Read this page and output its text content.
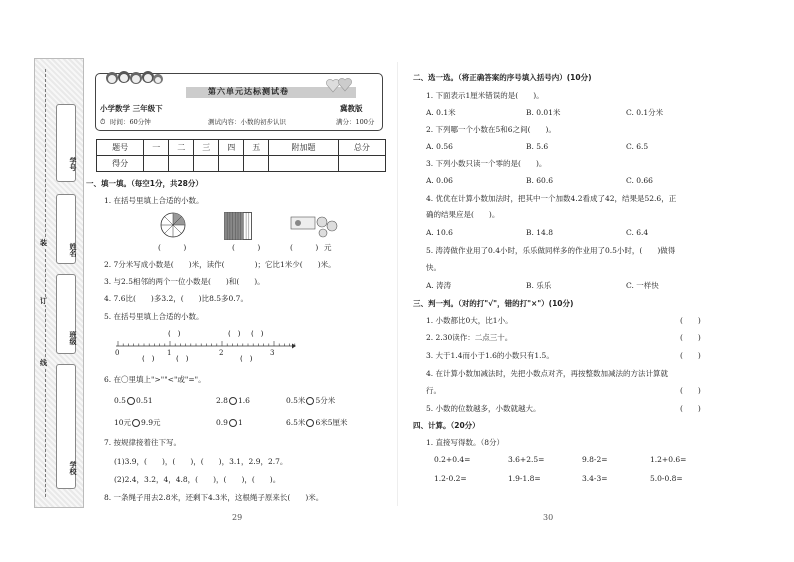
装
订
线
学号
姓名
班级
学校
第六单元达标测试卷
冀教版
小学数学 三年级下
⏱ 时间：60分钟	测试内容：小数的初步认识	满分：100分
题号	一	二	三	四	五	附加题	总分
得分							
一、填一填。（每空1分，共28分）
1. 在括号里填上合适的小数。
(　　　)	(　　　)	(　　　) 元
2. 7分米写成小数是(　　)米，读作(　　　　)；它比1米少(　　)米。
3. 与2.5相邻的两个一位小数是(　　)和(　　)。
4. 7.6比(　　)多3.2，(　　)比8.5多0.7。
5. 在括号里填上合适的小数。
(　)	(　) (　)
(　)	(　)	(　)
0	1	2	3
6. 在〇里填上">""<"或"="。
0.5 0.51	2.8 1.6	0.5米 5分米
10元 9.9元	0.9 1	6.5米 6米5厘米
7. 按规律接着往下写。
(1)3.9，(　　)，(　　)，(　　)，3.1，2.9，2.7。
(2)2.4，3.2，4，4.8，(　　)，(　　)，(　　)。
8. 一条绳子用去2.8米，还剩下4.3米，这根绳子原来长(　　)米。
29
二、选一选。（将正确答案的序号填入括号内）(10分)
1. 下面表示1厘米错误的是(　　)。
A. 0.1米	B. 0.01米	C. 0.1分米
2. 下列哪一个小数在5和6之间(　　)。
A. 0.56	B. 5.6	C. 6.5
3. 下列小数只读一个零的是(　　)。
A. 0.06	B. 60.6	C. 0.66
4. 优优在计算小数加法时，把其中一个加数4.2看成了42，结果是52.6，正
确的结果应是(　　)。
A. 10.6	B. 14.8	C. 6.4
5. 涛涛做作业用了0.4小时，乐乐做同样多的作业用了0.5小时，(　　)做得
快。
A. 涛涛	B. 乐乐	C. 一样快
三、判一判。（对的打"√"，错的打"×"）(10分)
1. 小数都比0大，比1小。	(　　)
2. 2.30读作：二点三十。	(　　)
3. 大于1.4而小于1.6的小数只有1.5。	(　　)
4. 在计算小数加减法时，先把小数点对齐，再按整数加减法的方法计算就
行。	(　　)
5. 小数的位数越多，小数就越大。	(　　)
四、计算。（20分）
1. 直接写得数。（8分）
0.2+0.4=	3.6+2.5=	9.8-2=	1.2+0.6=
1.2-0.2=	1.9-1.8=	3.4-3=	5.0-0.8=
30
